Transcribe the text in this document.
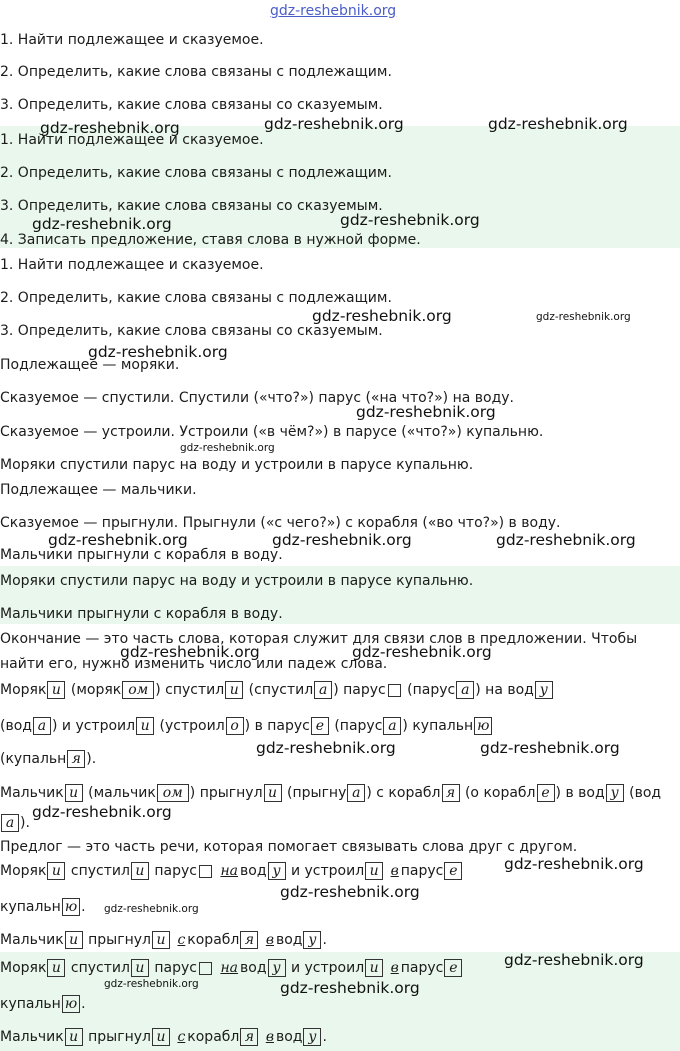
1. Найти подлежащее и сказуемое.
2. Определить, какие слова связаны с подлежащим.
3. Определить, какие слова связаны со сказуемым.
1. Найти подлежащее и сказуемое.
2. Определить, какие слова связаны с подлежащим.
3. Определить, какие слова связаны со сказуемым.
4. Записать предложение, ставя слова в нужной форме.
1. Найти подлежащее и сказуемое.
2. Определить, какие слова связаны с подлежащим.
3. Определить, какие слова связаны со сказуемым.
Подлежащее — моряки.
Сказуемое — спустили. Спустили («что?») парус («на что?») на воду.
Сказуемое — устроили. Устроили («в чём?») в парусе («что?») купальню.
Моряки спустили парус на воду и устроили в парусе купальню.
Подлежащее — мальчики.
Сказуемое — прыгнули. Прыгнули («с чего?») с корабля («во что?») в воду.
Мальчики прыгнули с корабля в воду.
Моряки спустили парус на воду и устроили в парусе купальню.
Мальчики прыгнули с корабля в воду.
Окончание — это часть слова, которая служит для связи слов в предложении. Чтобы
найти его, нужно изменить число или падеж слова.
Моряк и (моряк ом ) спустил и (спустил а ) парус (парус а ) на вод у
(вод а ) и устроил и (устроил о ) в парус е (парус а ) купальн ю
(купальн я ).
Мальчик и (мальчик ом ) прыгнул и (прыгну а ) с корабл я (о корабл е ) в вод у (вод
а ).
Предлог — это часть речи, которая помогает связывать слова друг с другом.
Моряк и спустил и парус на вод у и устроил и в парус е
купальн ю .
Мальчик и прыгнул и с корабл я в вод у .
Моряк и спустил и парус на вод у и устроил и в парус е
купальн ю .
Мальчик и прыгнул и с корабл я в вод у .
gdz-reshebnik.org
gdz-reshebnik.org	gdz-reshebnik.org	gdz-reshebnik.org
gdz-reshebnik.org	gdz-reshebnik.org
gdz-reshebnik.org	gdz-reshebnik.org
gdz-reshebnik.org
gdz-reshebnik.org
gdz-reshebnik.org
gdz-reshebnik.org	gdz-reshebnik.org	gdz-reshebnik.org
gdz-reshebnik.org	gdz-reshebnik.org
gdz-reshebnik.org	gdz-reshebnik.org
gdz-reshebnik.org
gdz-reshebnik.org
gdz-reshebnik.org
gdz-reshebnik.org
gdz-reshebnik.org
gdz-reshebnik.org	gdz-reshebnik.org
